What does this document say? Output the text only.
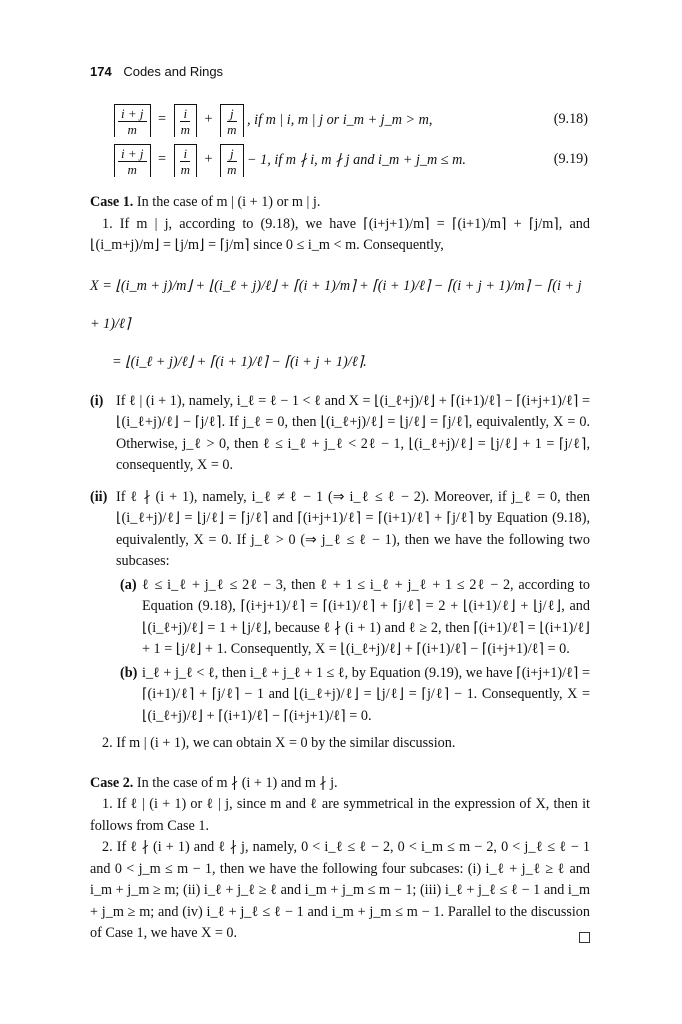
174 Codes and Rings
$\frac{i + j}{m} = \frac{i}{m} + \frac{j}{m}$ , if m | i, m | j or i_m + j_m > m,	(9.18)
$\frac{i + j}{m} = \frac{i}{m} + \frac{j}{m} - 1$, if m ∤ i, m ∤ j and i_m + j_m ≤ m.	(9.19)

Case 1. In the case of m | (i + 1) or m | j.

1. If m | j, according to (9.18), we have ⌈(i+j+1)/m⌉ = ⌈(i+1)/m⌉ + ⌈j/m⌉, and ⌊(i_m+j)/m⌋ = ⌊j/m⌋ = ⌈j/m⌉ since 0 ≤ i_m < m. Consequently,

X = ⌊(i_m + j)/m⌋ + ⌊(i_ℓ + j)/ℓ⌋ + ⌈(i + 1)/m⌉ + ⌈(i + 1)/ℓ⌉ − ⌈(i + j + 1)/m⌉ − ⌈(i + j + 1)/ℓ⌉
= ⌊(i_ℓ + j)/ℓ⌋ + ⌈(i + 1)/ℓ⌉ − ⌈(i + j + 1)/ℓ⌉.
(i) If ℓ | (i + 1), namely, i_ℓ = ℓ − 1 < ℓ and X = ⌊(i_ℓ+j)/ℓ⌋ + ⌈(i+1)/ℓ⌉ − ⌈(i+j+1)/ℓ⌉ = ⌊(i_ℓ+j)/ℓ⌋ − ⌈j/ℓ⌉. If j_ℓ = 0, then ⌊(i_ℓ+j)/ℓ⌋ = ⌊j/ℓ⌋ = ⌈j/ℓ⌉, equivalently, X = 0. Otherwise, j_ℓ > 0, then ℓ ≤ i_ℓ + j_ℓ < 2ℓ − 1, ⌊(i_ℓ+j)/ℓ⌋ = ⌊j/ℓ⌋ + 1 = ⌈j/ℓ⌉, consequently, X = 0.

(ii) If ℓ ∤ (i + 1), namely, i_ℓ ≠ ℓ − 1 (⇒ i_ℓ ≤ ℓ − 2). Moreover, if j_ℓ = 0, then ⌊(i_ℓ+j)/ℓ⌋ = ⌊j/ℓ⌋ = ⌈j/ℓ⌉ and ⌈(i+j+1)/ℓ⌉ = ⌈(i+1)/ℓ⌉ + ⌈j/ℓ⌉ by Equation (9.18), equivalently, X = 0. If j_ℓ > 0 (⇒ j_ℓ ≤ ℓ − 1), then we have the following two subcases:

(a) ℓ ≤ i_ℓ + j_ℓ ≤ 2ℓ − 3, then ℓ + 1 ≤ i_ℓ + j_ℓ + 1 ≤ 2ℓ − 2, according to Equation (9.18), ⌈(i+j+1)/ℓ⌉ = ⌈(i+1)/ℓ⌉ + ⌈j/ℓ⌉ = 2 + ⌊(i+1)/ℓ⌋ + ⌊j/ℓ⌋, and ⌊(i_ℓ+j)/ℓ⌋ = 1 + ⌊j/ℓ⌋, because ℓ ∤ (i + 1) and ℓ ≥ 2, then ⌈(i+1)/ℓ⌉ = ⌊(i+1)/ℓ⌋ + 1 = ⌊j/ℓ⌋ + 1. Consequently, X = ⌊(i_ℓ+j)/ℓ⌋ + ⌈(i+1)/ℓ⌉ − ⌈(i+j+1)/ℓ⌉ = 0.

(b) i_ℓ + j_ℓ < ℓ, then i_ℓ + j_ℓ + 1 ≤ ℓ, by Equation (9.19), we have ⌈(i+j+1)/ℓ⌉ = ⌈(i+1)/ℓ⌉ + ⌈j/ℓ⌉ − 1 and ⌊(i_ℓ+j)/ℓ⌋ = ⌊j/ℓ⌋ = ⌈j/ℓ⌉ − 1. Consequently, X = ⌊(i_ℓ+j)/ℓ⌋ + ⌈(i+1)/ℓ⌉ − ⌈(i+j+1)/ℓ⌉ = 0.

2. If m | (i + 1), we can obtain X = 0 by the similar discussion.

Case 2. In the case of m ∤ (i + 1) and m ∤ j.

1. If ℓ | (i + 1) or ℓ | j, since m and ℓ are symmetrical in the expression of X, then it follows from Case 1.

2. If ℓ ∤ (i + 1) and ℓ ∤ j, namely, 0 < i_ℓ ≤ ℓ − 2, 0 < i_m ≤ m − 2, 0 < j_ℓ ≤ ℓ − 1 and 0 < j_m ≤ m − 1, then we have the following four subcases: (i) i_ℓ + j_ℓ ≥ ℓ and i_m + j_m ≥ m; (ii) i_ℓ + j_ℓ ≥ ℓ and i_m + j_m ≤ m − 1; (iii) i_ℓ + j_ℓ ≤ ℓ − 1 and i_m + j_m ≥ m; and (iv) i_ℓ + j_ℓ ≤ ℓ − 1 and i_m + j_m ≤ m − 1. Parallel to the discussion of Case 1, we have X = 0.
